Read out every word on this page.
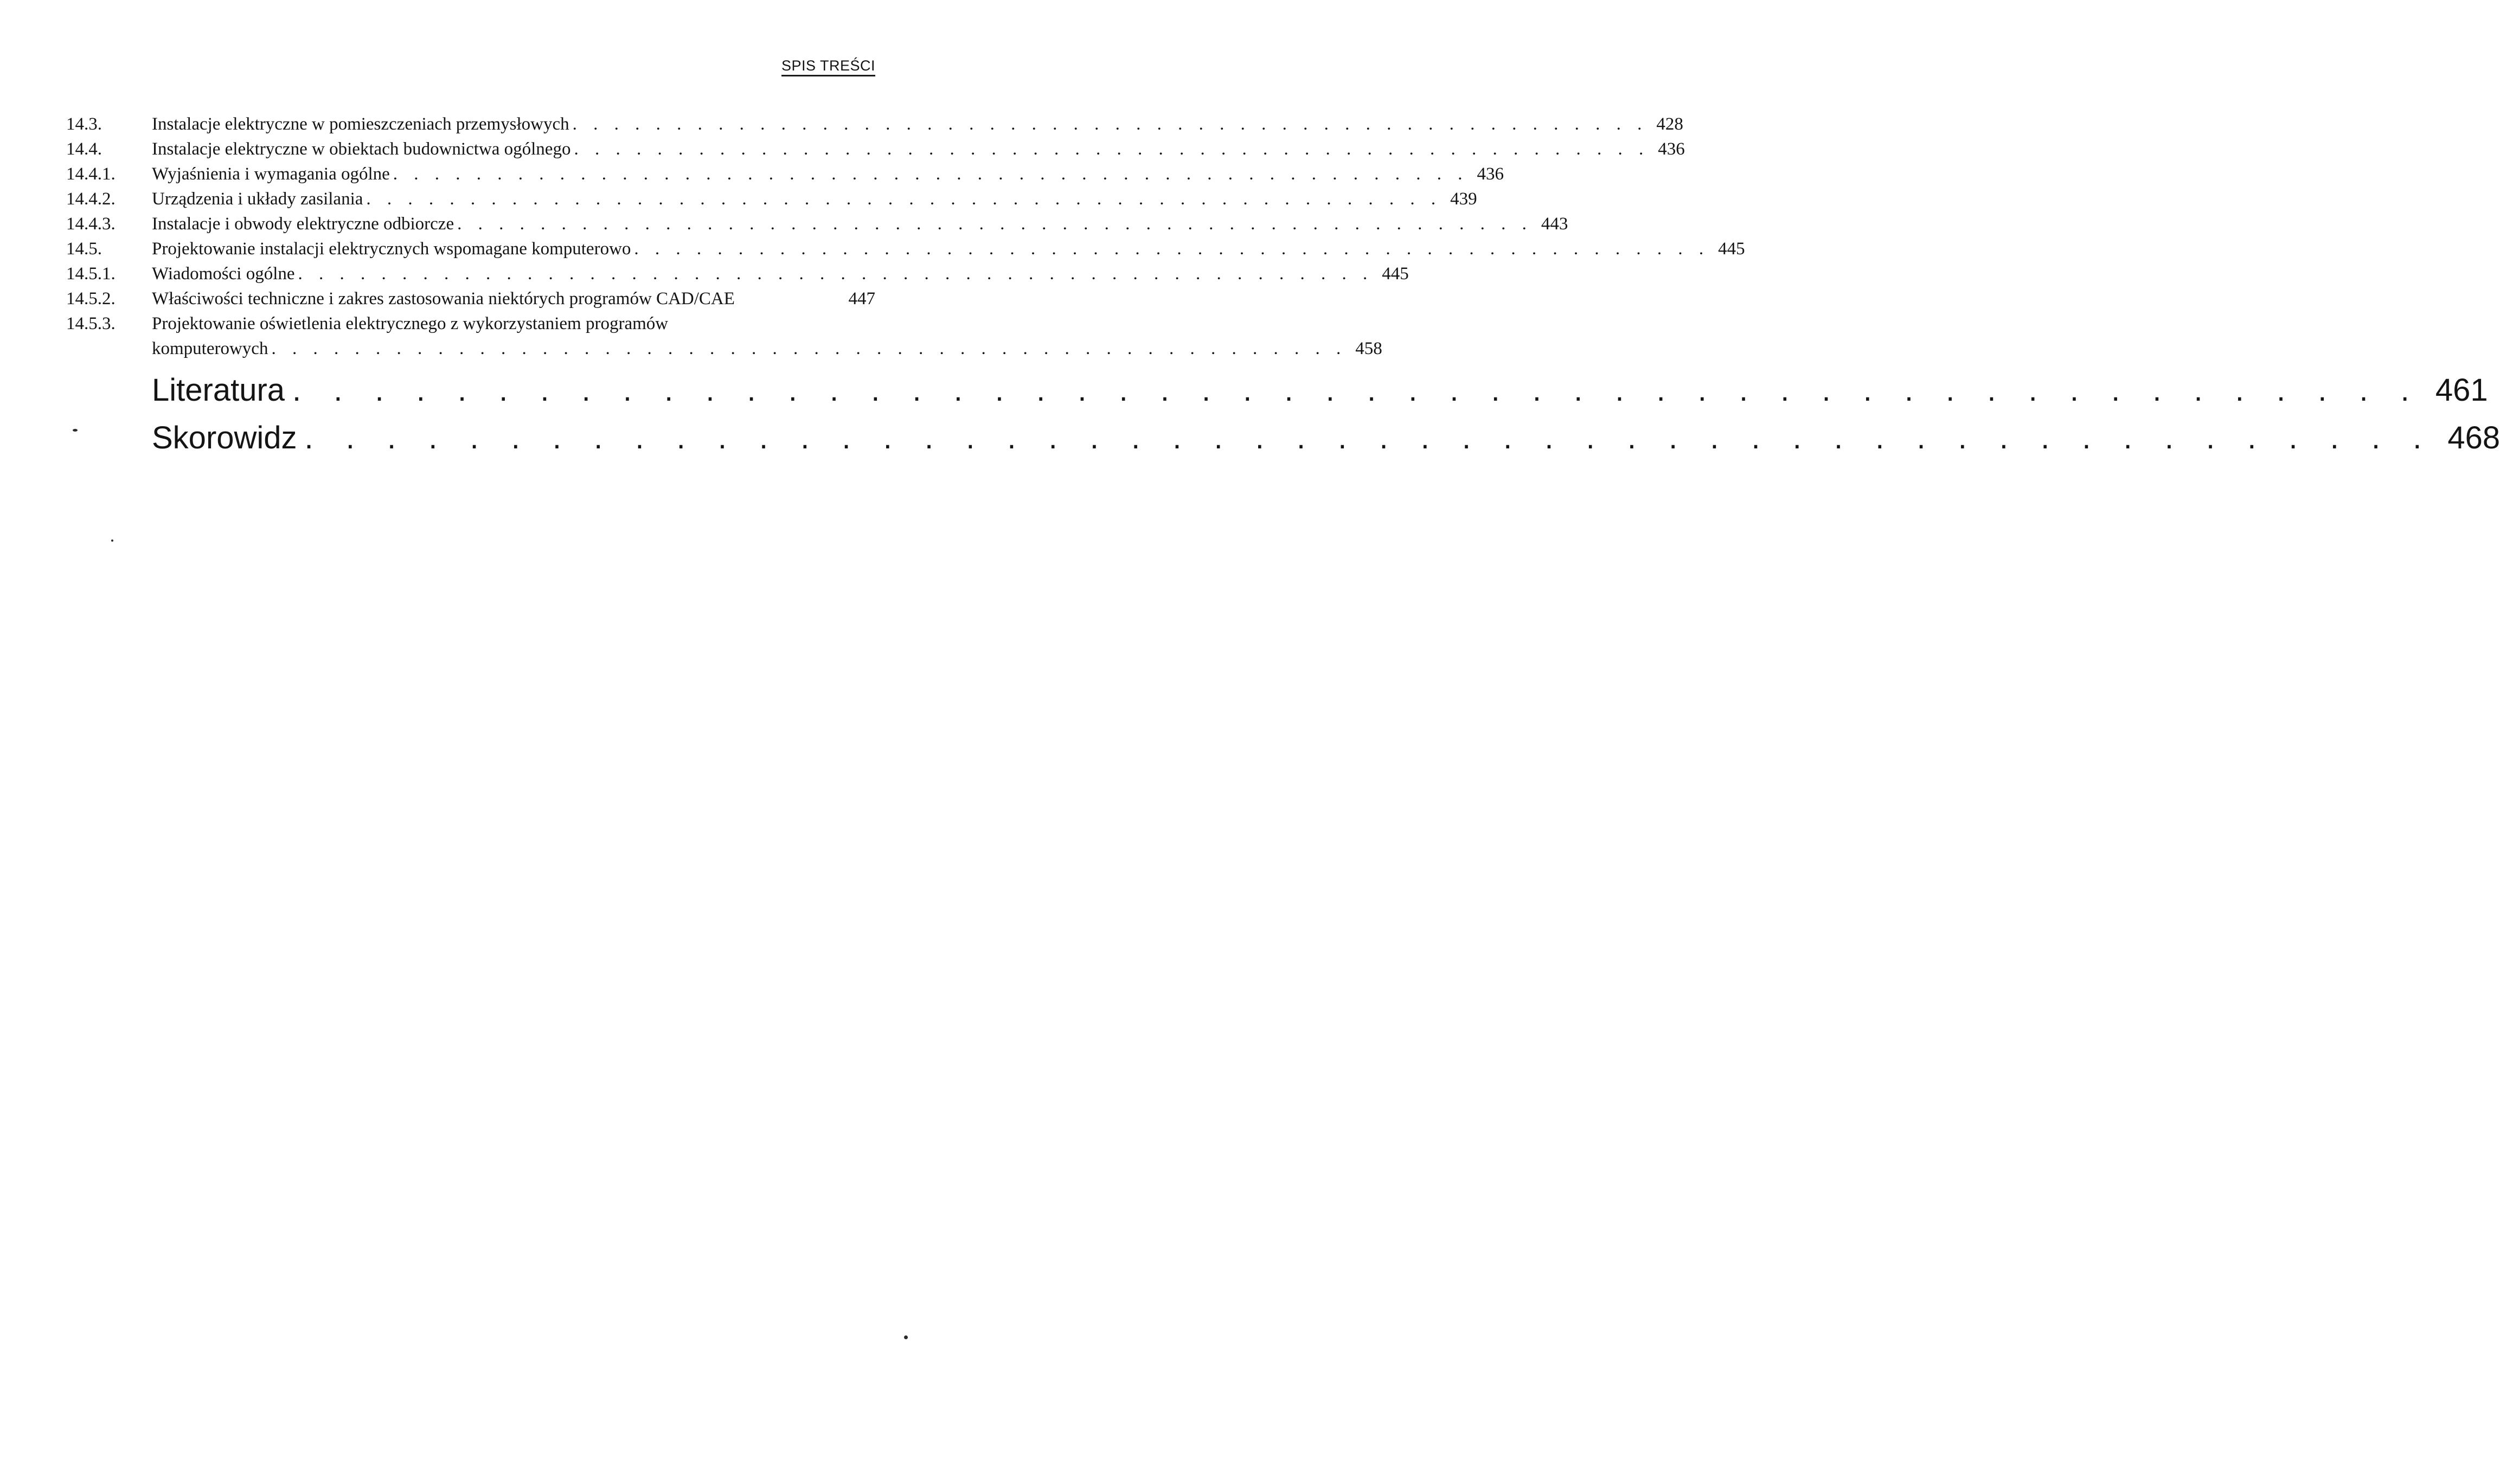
SPIS TREŚCI
14.3.	Instalacje elektryczne w pomieszczeniach przemysłowych . . . . . . . . . . . . . . . . . . . . . . . . . . . . . . . . . . . . . . . . . . . . . . . . . . . . 428
14.4.	Instalacje elektryczne w obiektach budownictwa ogólnego . . . . . . . . . . . . . . . . . . . . . . . . . . . . . . . . . . . . . . . . . . . . . . . . . . . . 436
14.4.1. Wyjaśnienia i wymagania ogólne . . . . . . . . . . . . . . . . . . . . . . . . . . . . . . . . . . . . . . . . . . . . . . . . . . . . 436
14.4.2. Urządzenia i układy zasilania . . . . . . . . . . . . . . . . . . . . . . . . . . . . . . . . . . . . . . . . . . . . . . . . . . . . 439
14.4.3. Instalacje i obwody elektryczne odbiorcze . . . . . . . . . . . . . . . . . . . . . . . . . . . . . . . . . . . . . . . . . . . . . . . . . . . . 443
14.5.	Projektowanie instalacji elektrycznych wspomagane komputerowo . . . . . . . . . . . . . . . . . . . . . . . . . . . . . . . . . . . . . . . . . . . . . . . . . . . . 445
14.5.1. Wiadomości ogólne . . . . . . . . . . . . . . . . . . . . . . . . . . . . . . . . . . . . . . . . . . . . . . . . . . . . 445
14.5.2. Właściwości techniczne i zakres zastosowania niektórych programów CAD/CAE	447
14.5.3. Projektowanie oświetlenia elektrycznego z wykorzystaniem programów
komputerowych . . . . . . . . . . . . . . . . . . . . . . . . . . . . . . . . . . . . . . . . . . . . . . . . . . . . 458
Literatura . . . . . . . . . . . . . . . . . . . . . . . . . . . . . . . . . . . . . . . . . . . . . . . . . . . . 461
Skorowidz . . . . . . . . . . . . . . . . . . . . . . . . . . . . . . . . . . . . . . . . . . . . . . . . . . . . 468
